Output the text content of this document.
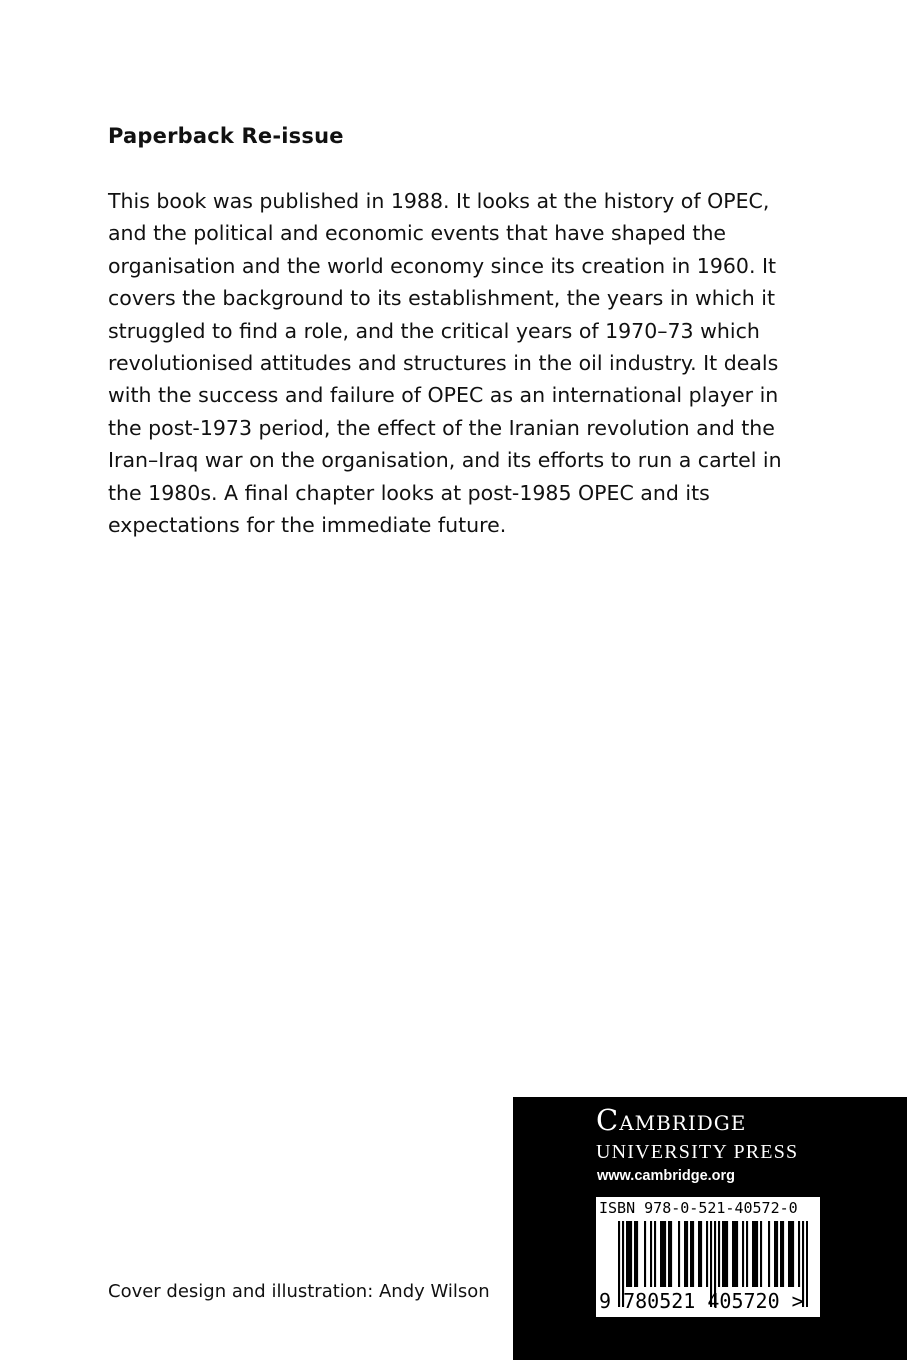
Paperback Re-issue
This book was published in 1988. It looks at the history of OPEC,
and the political and economic events that have shaped the
organisation and the world economy since its creation in 1960. It
covers the background to its establishment, the years in which it
struggled to find a role, and the critical years of 1970–73 which
revolutionised attitudes and structures in the oil industry. It deals
with the success and failure of OPEC as an international player in
the post-1973 period, the effect of the Iranian revolution and the
Iran–Iraq war on the organisation, and its efforts to run a cartel in
the 1980s. A final chapter looks at post-1985 OPEC and its
expectations for the immediate future.
Cover design and illustration: Andy Wilson
Cambridge
UNIVERSITY PRESS
www.cambridge.org
ISBN 978-0-521-40572-0
9 780521 405720 >
